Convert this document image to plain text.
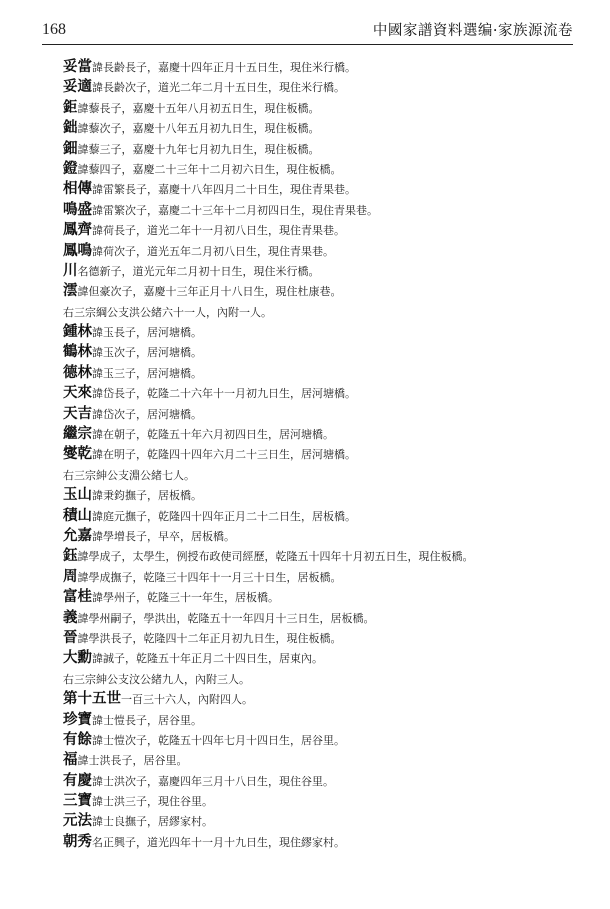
168	中國家譜資料選编·家族源流卷
妥當諱長齡長子，嘉慶十四年正月十五日生，現住米行橋。
妥適諱長齡次子，道光二年二月十五日生，現住米行橋。
鉅諱藜長子，嘉慶十五年八月初五日生，現住板橋。
鈯諱藜次子，嘉慶十八年五月初九日生，現住板橋。
鈿諱藜三子，嘉慶十九年七月初九日生，現住板橋。
鐙諱藜四子，嘉慶二十三年十二月初六日生，現住板橋。
相傳諱雷繁長子，嘉慶十八年四月二十日生，現住青果巷。
鳴盛諱雷繁次子，嘉慶二十三年十二月初四日生，現住青果巷。
鳳齊諱荷長子，道光二年十一月初八日生，現住青果巷。
鳳鳴諱荷次子，道光五年二月初八日生，現住青果巷。
川名德新子，道光元年二月初十日生，現住米行橋。
澐諱但豪次子，嘉慶十三年正月十八日生，現住杜康巷。
右三宗綱公支洪公緒六十一人，內附一人。
鍾林諱玉長子，居河塘橋。
鶴林諱玉次子，居河塘橋。
德林諱玉三子，居河塘橋。
天來諱岱長子，乾隆二十六年十一月初九日生，居河塘橋。
天吉諱岱次子，居河塘橋。
繼宗諱在朝子，乾隆五十年六月初四日生，居河塘橋。
燮乾諱在明子，乾隆四十四年六月二十三日生，居河塘橋。
右三宗紳公支淵公緒七人。
玉山諱秉鈞撫子，居板橋。
積山諱庭元撫子，乾隆四十四年正月二十二日生，居板橋。
允嘉諱學增長子，早卒，居板橋。
鈺諱學成子，太學生，例授布政使司經歷，乾隆五十四年十月初五日生，現住板橋。
周諱學成撫子，乾隆三十四年十一月三十日生，居板橋。
富桂諱學州子，乾隆三十一年生，居板橋。
義諱學州嗣子，學洪出，乾隆五十一年四月十三日生，居板橋。
晉諱學洪長子，乾隆四十二年正月初九日生，現住板橋。
大勳諱誠子，乾隆五十年正月二十四日生，居東內。
右三宗紳公支汶公緒九人，內附三人。
第十五世一百三十六人，內附四人。
珍寶諱士愷長子，居谷里。
有餘諱士愷次子，乾隆五十四年七月十四日生，居谷里。
福諱士洪長子，居谷里。
有慶諱士洪次子，嘉慶四年三月十八日生，現住谷里。
三寶諱士洪三子，現住谷里。
元法諱士良撫子，居繆家村。
朝秀名正興子，道光四年十一月十九日生，現住繆家村。
